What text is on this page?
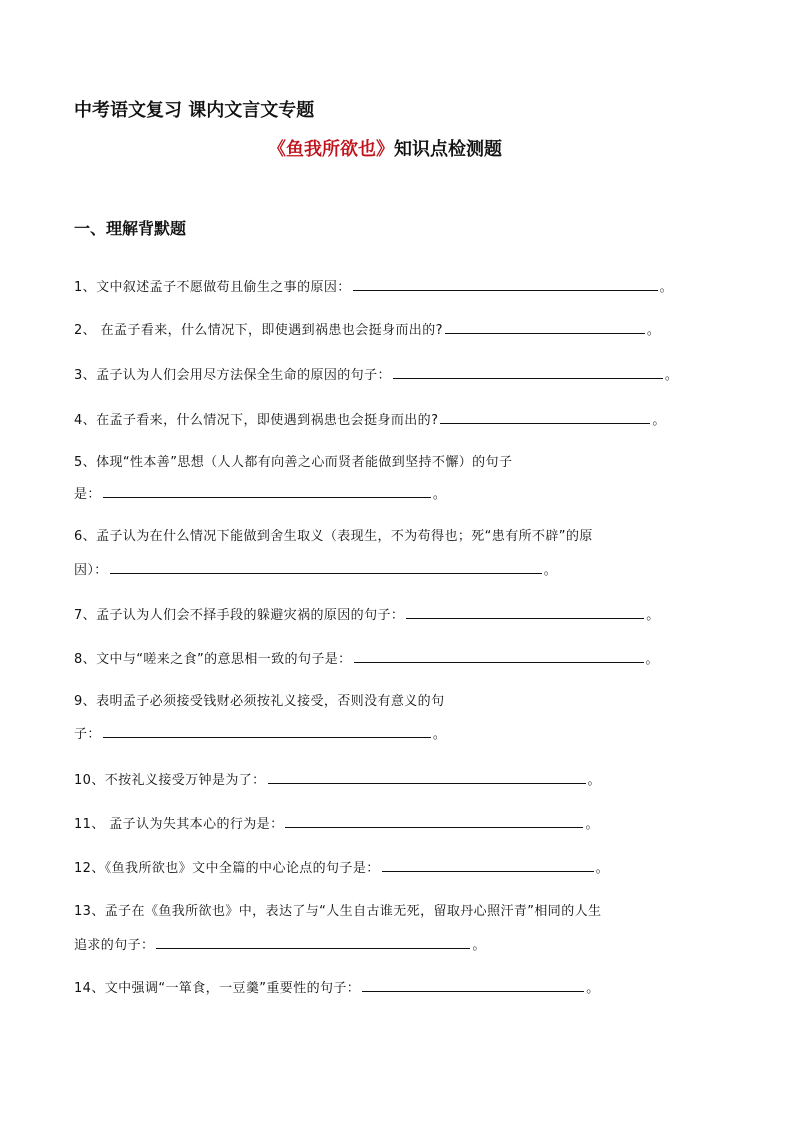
中考语文复习 课内文言文专题
《鱼我所欲也》知识点检测题
一、理解背默题
1、文中叙述孟子不愿做苟且偷生之事的原因：	。
2、 在孟子看来，什么情况下，即使遇到祸患也会挺身而出的?	。
3、孟子认为人们会用尽方法保全生命的原因的句子：	。
4、在孟子看来，什么情况下，即使遇到祸患也会挺身而出的?	。
5、体现“性本善”思想（人人都有向善之心而贤者能做到坚持不懈）的句子
是：	。
6、孟子认为在什么情况下能做到舍生取义（表现生，不为苟得也；死“患有所不辟”的原
因）：	。
7、孟子认为人们会不择手段的躲避灾祸的原因的句子：	。
8、文中与“嗟来之食”的意思相一致的句子是：	。
9、表明孟子必须接受钱财必须按礼义接受，否则没有意义的句
子：	。
10、不按礼义接受万钟是为了：	。
11、 孟子认为失其本心的行为是：	。
12、《鱼我所欲也》文中全篇的中心论点的句子是：	。
13、孟子在《鱼我所欲也》中，表达了与“人生自古谁无死，留取丹心照汗青”相同的人生
追求的句子：	。
14、文中强调“一箪食，一豆羹”重要性的句子：	。
